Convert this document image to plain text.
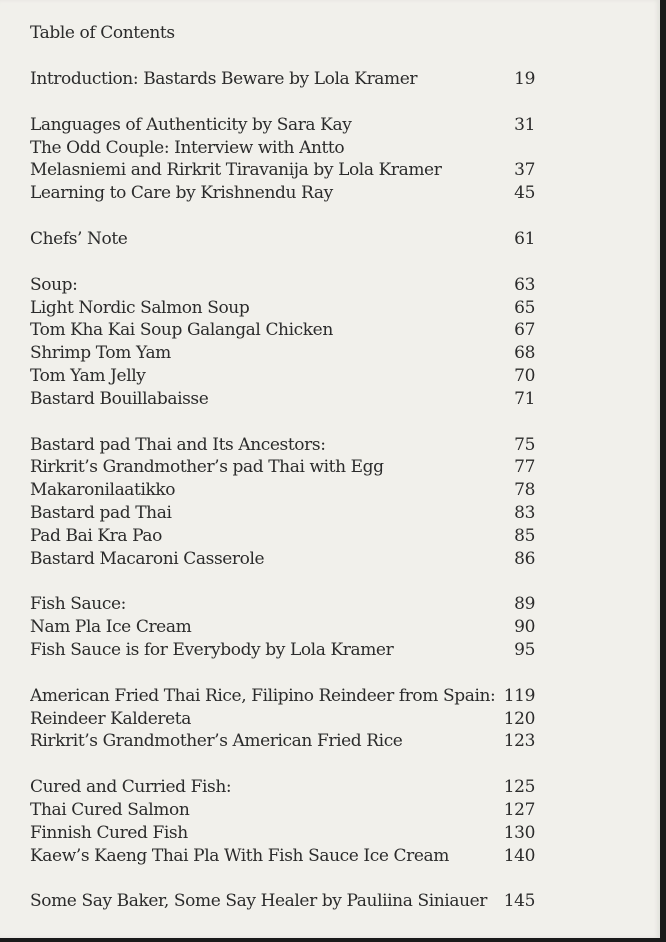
Table of Contents
Introduction: Bastards Beware by Lola Kramer	19
Languages of Authenticity by Sara Kay	31
The Odd Couple: Interview with Antto
Melasniemi and Rirkrit Tiravanija by Lola Kramer	37
Learning to Care by Krishnendu Ray	45
Chefs’ Note	61
Soup:	63
Light Nordic Salmon Soup	65
Tom Kha Kai Soup Galangal Chicken	67
Shrimp Tom Yam	68
Tom Yam Jelly	70
Bastard Bouillabaisse	71
Bastard pad Thai and Its Ancestors:	75
Rirkrit’s Grandmother’s pad Thai with Egg	77
Makaronilaatikko	78
Bastard pad Thai	83
Pad Bai Kra Pao	85
Bastard Macaroni Casserole	86
Fish Sauce:	89
Nam Pla Ice Cream	90
Fish Sauce is for Everybody by Lola Kramer	95
American Fried Thai Rice, Filipino Reindeer from Spain: 119
Reindeer Kaldereta	120
Rirkrit’s Grandmother’s American Fried Rice	123
Cured and Curried Fish:	125
Thai Cured Salmon	127
Finnish Cured Fish	130
Kaew’s Kaeng Thai Pla With Fish Sauce Ice Cream	140
Some Say Baker, Some Say Healer by Pauliina Siniauer 145
